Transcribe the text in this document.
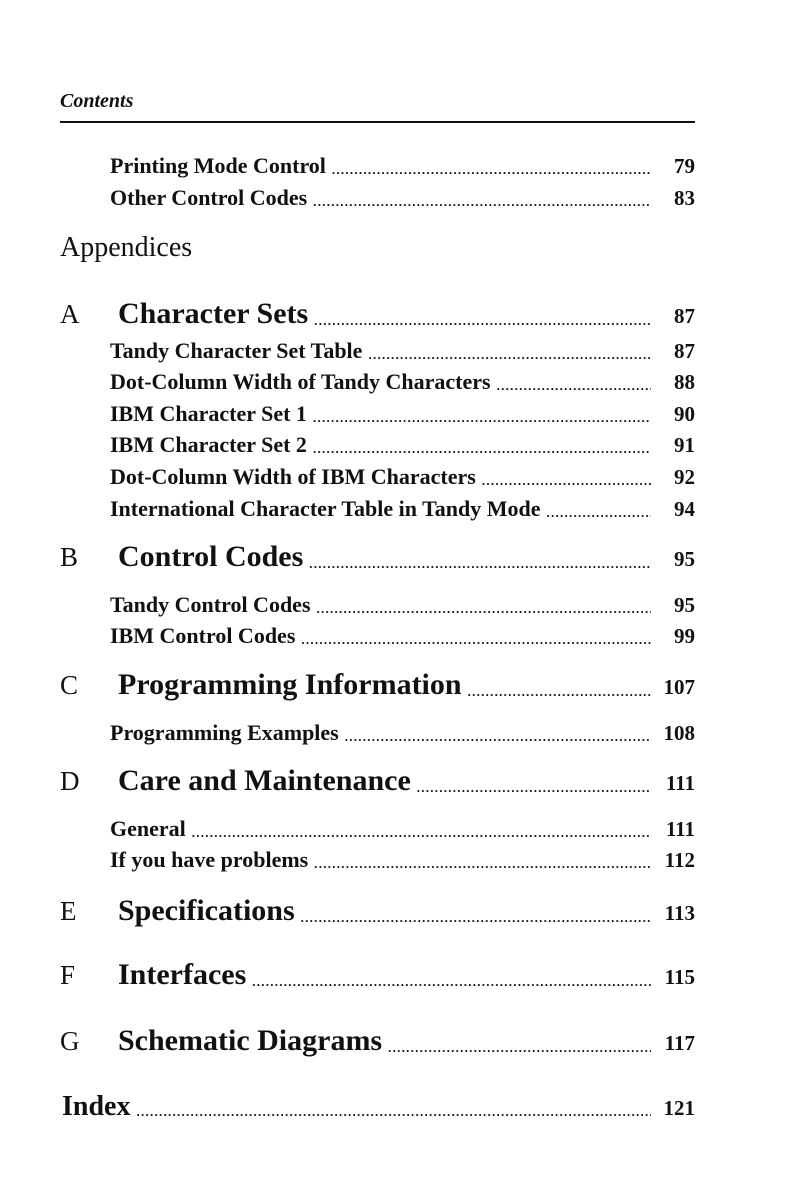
Contents
Printing Mode Control . . .	79
Other Control Codes . . .	83
Appendices
A	Character Sets . . .	87
Tandy Character Set Table . . .	87
Dot-Column Width of Tandy Characters . . .	88
IBM Character Set 1 . . .	90
IBM Character Set 2 . . .	91
Dot-Column Width of IBM Characters . . .	92
International Character Table in Tandy Mode . . .	94
B	Control Codes . . .	95
Tandy Control Codes . . .	95
IBM Control Codes . . .	99
C	Programming Information . . .	107
Programming Examples . . .	108
D	Care and Maintenance . . .	111
General . . .	111
If you have problems . . .	112
E	Specifications . . .	113
F	Interfaces . . .	115
G	Schematic Diagrams . . .	117
Index . . .	121
